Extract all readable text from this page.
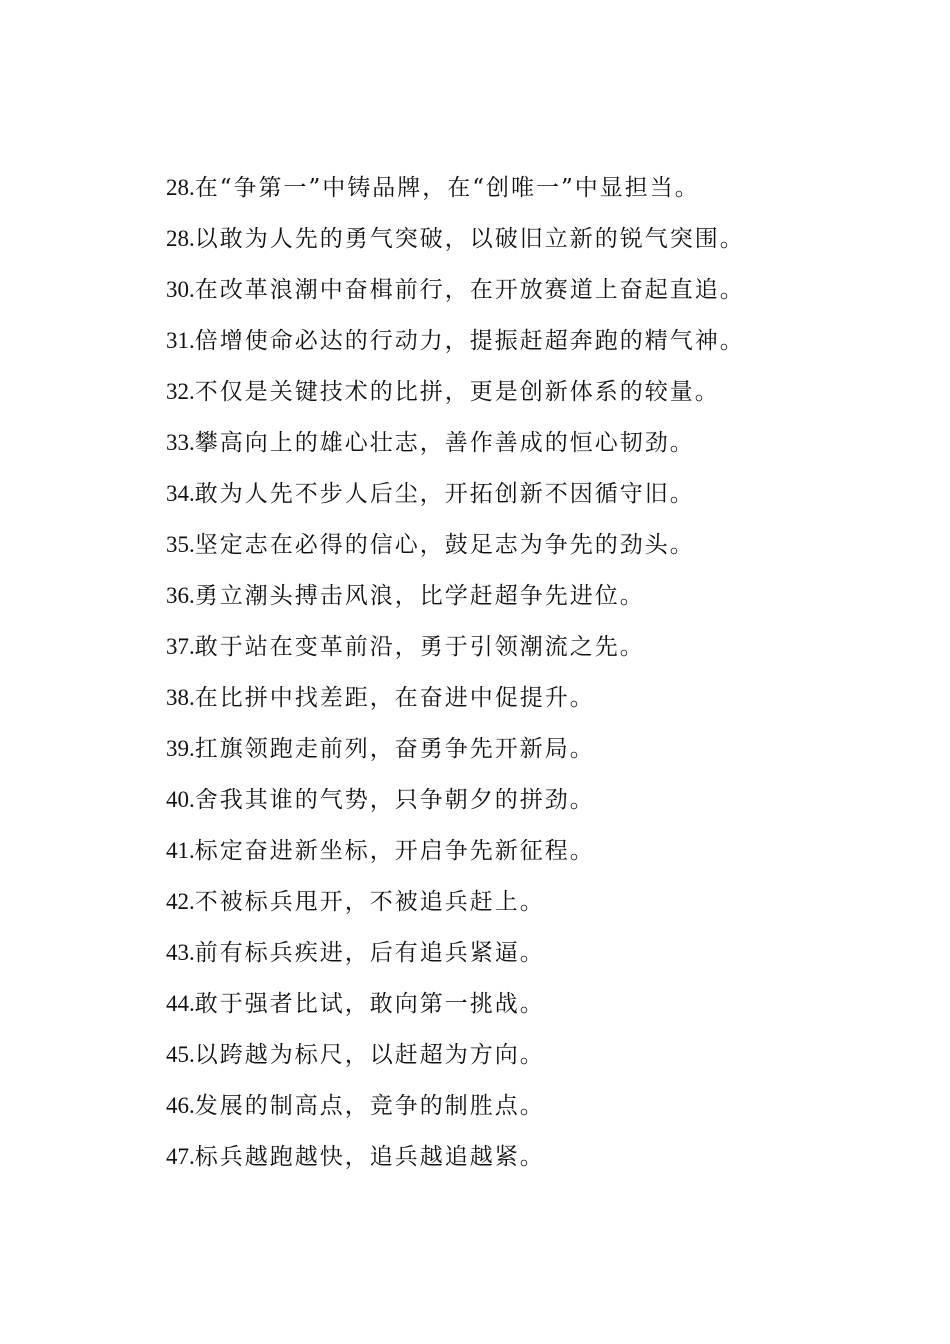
28.在“争第一”中铸品牌，在“创唯一”中显担当。
28.以敢为人先的勇气突破，以破旧立新的锐气突围。
30.在改革浪潮中奋楫前行，在开放赛道上奋起直追。
31.倍增使命必达的行动力，提振赶超奔跑的精气神。
32.不仅是关键技术的比拼，更是创新体系的较量。
33.攀高向上的雄心壮志，善作善成的恒心韧劲。
34.敢为人先不步人后尘，开拓创新不因循守旧。
35.坚定志在必得的信心，鼓足志为争先的劲头。
36.勇立潮头搏击风浪，比学赶超争先进位。
37.敢于站在变革前沿，勇于引领潮流之先。
38.在比拼中找差距，在奋进中促提升。
39.扛旗领跑走前列，奋勇争先开新局。
40.舍我其谁的气势，只争朝夕的拼劲。
41.标定奋进新坐标，开启争先新征程。
42.不被标兵甩开，不被追兵赶上。
43.前有标兵疾进，后有追兵紧逼。
44.敢于强者比试，敢向第一挑战。
45.以跨越为标尺，以赶超为方向。
46.发展的制高点，竞争的制胜点。
47.标兵越跑越快，追兵越追越紧。
